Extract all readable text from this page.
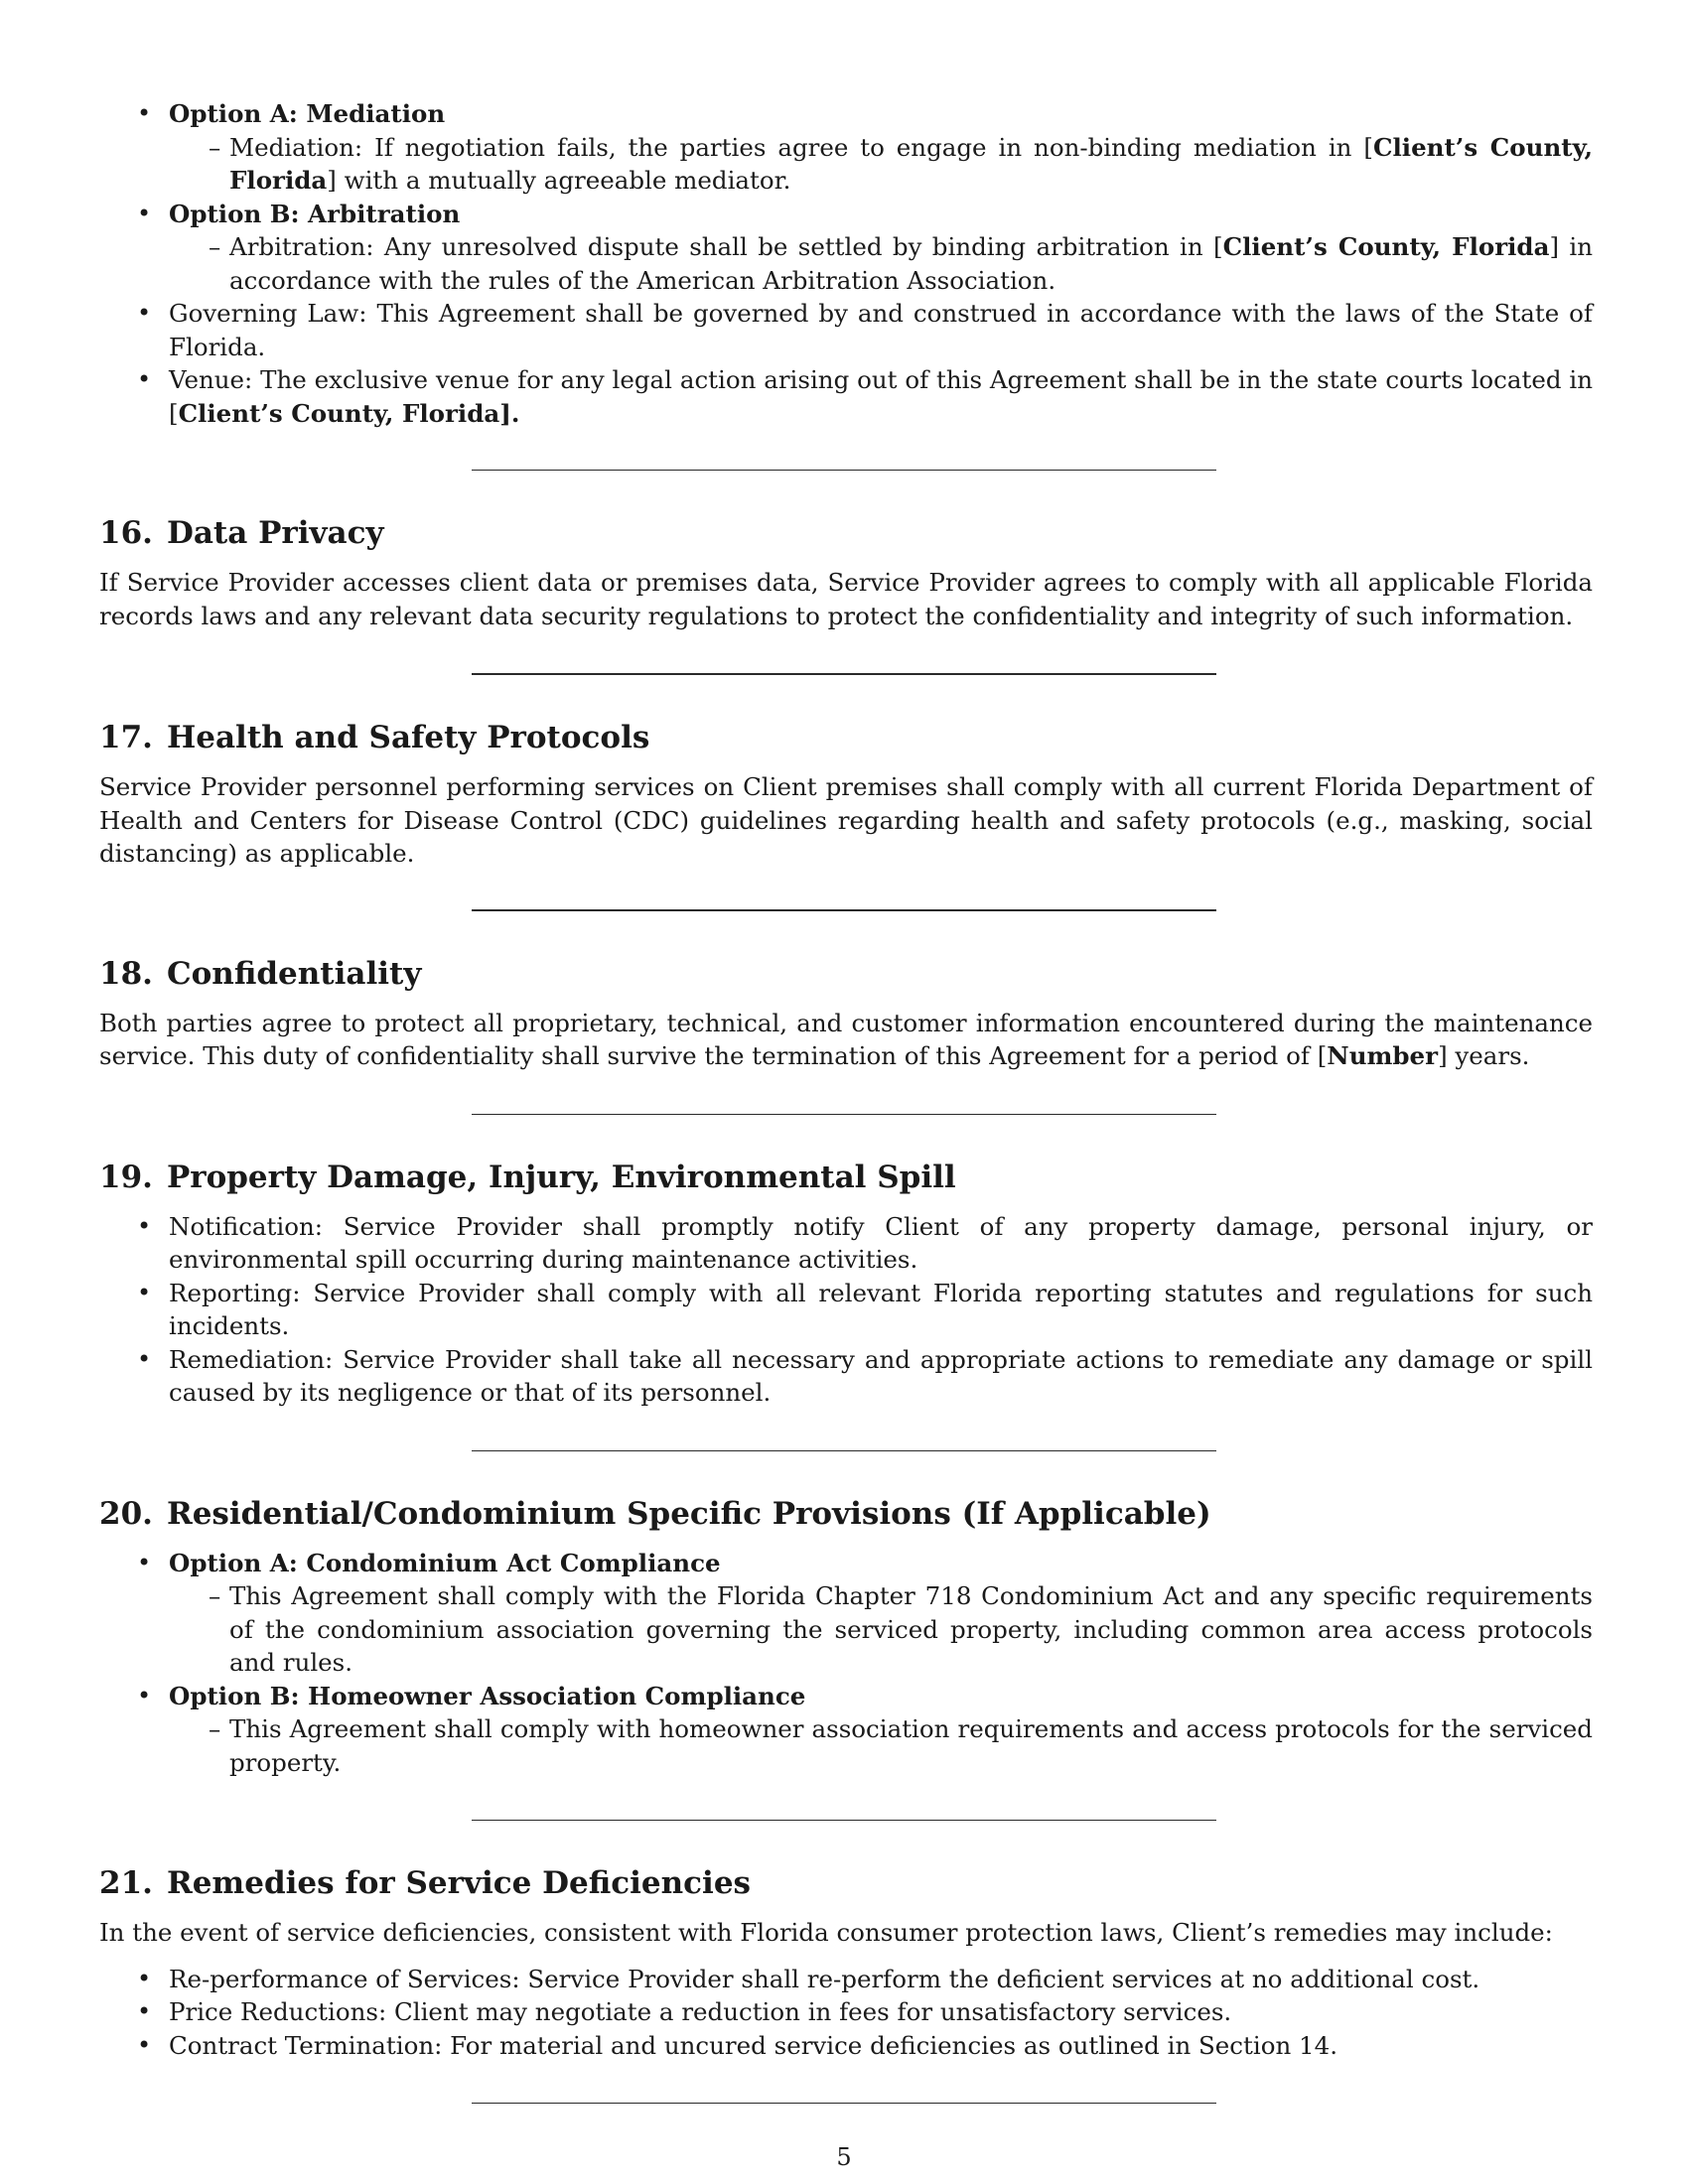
• Option A: Mediation
– Mediation: If negotiation fails, the parties agree to engage in non-binding mediation in [Client’s County, Florida] with a mutually agreeable mediator.
• Option B: Arbitration
– Arbitration: Any unresolved dispute shall be settled by binding arbitration in [Client’s County, Florida] in accordance with the rules of the American Arbitration Association.
• Governing Law: This Agreement shall be governed by and construed in accordance with the laws of the State of Florida.
• Venue: The exclusive venue for any legal action arising out of this Agreement shall be in the state courts located in [Client’s County, Florida].
16. Data Privacy

If Service Provider accesses client data or premises data, Service Provider agrees to comply with all applicable Florida records laws and any relevant data security regulations to protect the confidentiality and integrity of such information.

17. Health and Safety Protocols

Service Provider personnel performing services on Client premises shall comply with all current Florida Department of Health and Centers for Disease Control (CDC) guidelines regarding health and safety protocols (e.g., masking, social distancing) as applicable.

18. Confidentiality

Both parties agree to protect all proprietary, technical, and customer information encountered during the maintenance service. This duty of confidentiality shall survive the termination of this Agreement for a period of [Number] years.

19. Property Damage, Injury, Environmental Spill
• Notification: Service Provider shall promptly notify Client of any property damage, personal injury, or environmental spill occurring during maintenance activities.
• Reporting: Service Provider shall comply with all relevant Florida reporting statutes and regulations for such incidents.
• Remediation: Service Provider shall take all necessary and appropriate actions to remediate any damage or spill caused by its negligence or that of its personnel.
20. Residential/Condominium Specific Provisions (If Applicable)
• Option A: Condominium Act Compliance
– This Agreement shall comply with the Florida Chapter 718 Condominium Act and any specific requirements of the condominium association governing the serviced property, including common area access protocols and rules.
• Option B: Homeowner Association Compliance
– This Agreement shall comply with homeowner association requirements and access protocols for the serviced property.
21. Remedies for Service Deficiencies

In the event of service deficiencies, consistent with Florida consumer protection laws, Client’s remedies may include:

• Re-performance of Services: Service Provider shall re-perform the deficient services at no additional cost.
• Price Reductions: Client may negotiate a reduction in fees for unsatisfactory services.
• Contract Termination: For material and uncured service deficiencies as outlined in Section 14.
5
